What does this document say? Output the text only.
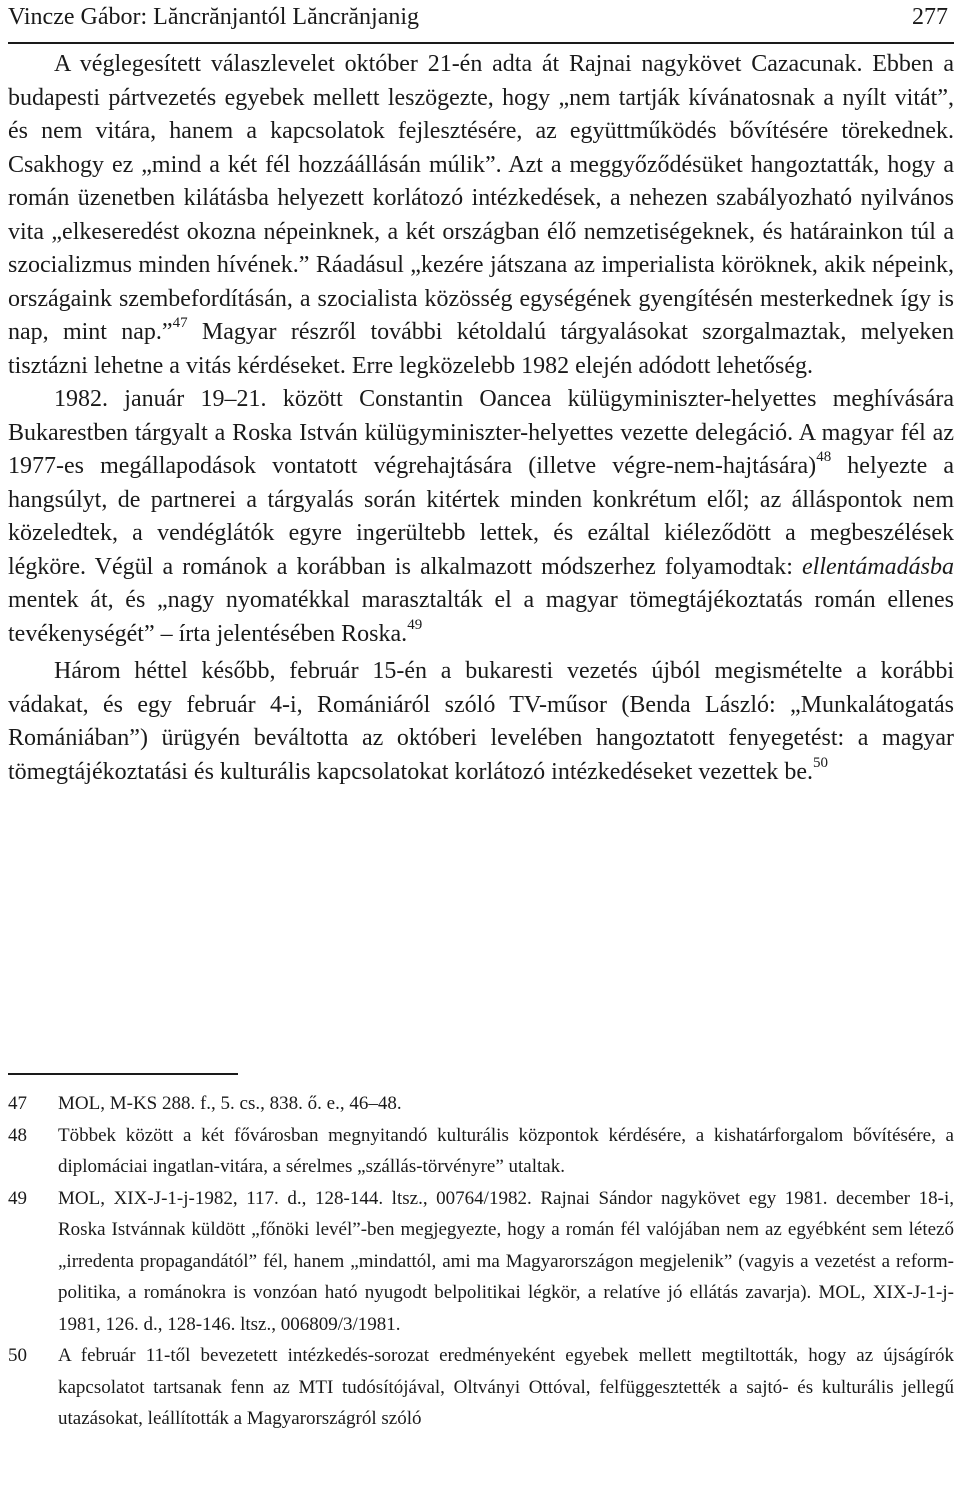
Vincze Gábor: Lăncrănjantól Lăncrănjanig	277

A véglegesített válaszlevelet október 21-én adta át Rajnai nagykövet Cazacunak. Ebben a budapesti pártvezetés egyebek mellett leszögezte, hogy „nem tartják kívánatosnak a nyílt vitát”, és nem vitára, hanem a kapcsolatok fejlesztésére, az együttműködés bővítésére törekednek. Csakhogy ez „mind a két fél hozzáállásán múlik”. Azt a meggyőződésüket hangoztatták, hogy a román üzenetben kilátásba helyezett korlátozó intézkedések, a nehezen szabályozható nyilvános vita „elkeseredést okozna népeinknek, a két országban élő nemzetiségeknek, és határainkon túl a szocializmus minden hívének.” Ráadásul „kezére játszana az imperialista köröknek, akik népeink, országaink szembefordításán, a szocialista közösség egységének gyengítésén mesterkednek így is nap, mint nap.”$^{47}$ Magyar részről további kétoldalú tárgyalásokat szorgalmaztak, melyeken tisztázni lehetne a vitás kérdéseket. Erre legközelebb 1982 elején adódott lehetőség.

1982. január 19–21. között Constantin Oancea külügyminiszter-helyettes meghívására Bukarestben tárgyalt a Roska István külügyminiszter-helyettes vezette delegáció. A magyar fél az 1977-es megállapodások vontatott végrehajtására (illetve végre-nem-hajtására)$^{48}$ helyezte a hangsúlyt, de partnerei a tárgyalás során kitértek minden konkrétum elől; az álláspontok nem közeledtek, a vendéglátók egyre ingerültebb lettek, és ezáltal kiéleződött a megbeszélések légköre. Végül a románok a korábban is alkalmazott módszerhez folyamodtak: ellentámadásba mentek át, és „nagy nyomatékkal marasztalták el a magyar tömegtájékoztatás román ellenes tevékenységét” – írta jelentésében Roska.$^{49}$

Három héttel később, február 15-én a bukaresti vezetés újból megismételte a korábbi vádakat, és egy február 4-i, Romániáról szóló TV-műsor (Benda László: „Munkalátogatás Romániában”) ürügyén beváltotta az októberi levelében hangoztatott fenyegetést: a magyar tömegtájékoztatási és kulturális kapcsolatokat korlátozó intézkedéseket vezettek be.$^{50}$

47	MOL, M-KS 288. f., 5. cs., 838. ő. e., 46–48.
48	Többek között a két fővárosban megnyitandó kulturális központok kérdésére, a kishatárforgalom bővítésére, a diplomáciai ingatlan-vitára, a sérelmes „szállás-törvényre” utaltak.
49	MOL, XIX-J-1-j-1982, 117. d., 128-144. ltsz., 00764/1982. Rajnai Sándor nagykövet egy 1981. december 18-i, Roska Istvánnak küldött „főnöki levél”-ben megjegyezte, hogy a román fél valójában nem az egyébként sem létező „irredenta propagandától” fél, hanem „mindattól, ami ma Magyarországon megjelenik” (vagyis a vezetést a reform-politika, a románokra is vonzóan ható nyugodt belpolitikai légkör, a relatíve jó ellátás zavarja). MOL, XIX-J-1-j-1981, 126. d., 128-146. ltsz., 006809/3/1981.
50	A február 11-től bevezetett intézkedés-sorozat eredményeként egyebek mellett megtiltották, hogy az újságírók kapcsolatot tartsanak fenn az MTI tudósítójával, Oltványi Ottóval, felfüggesztették a sajtó- és kulturális jellegű utazásokat, leállították a Magyarországról szóló
